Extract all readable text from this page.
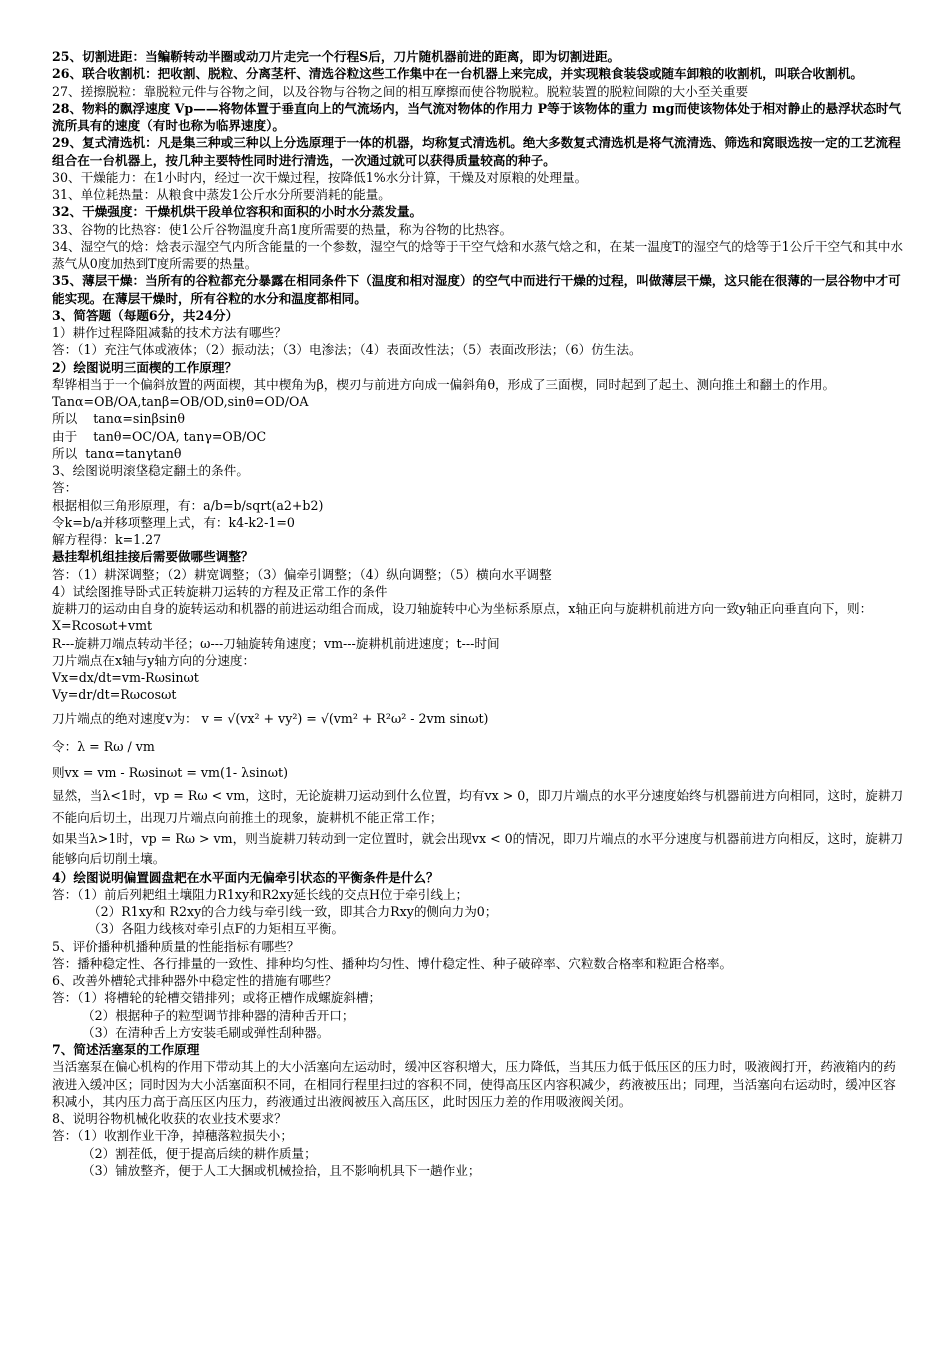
25、切割进距：当鳊鞒转动半圈或动刀片走完一个行程S后，刀片随机器前进的距离，即为切割进距。

26、联合收割机：把收割、脱粒、分离茎杆、清选谷粒这些工作集中在一台机器上来完成，并实现粮食装袋或随车卸粮的收割机，叫联合收割机。

27、搓擦脱粒：靠脱粒元件与谷物之间，以及谷物与谷物之间的相互摩擦而使谷物脱粒。脱粒装置的脱粒间隙的大小至关重要

28、物料的飘浮速度 Vp——将物体置于垂直向上的气流场内，当气流对物体的作用力 P等于该物体的重力 mg而使该物体处于相对静止的悬浮状态时气流所具有的速度（有时也称为临界速度）。

29、复式清选机：凡是集三种或三种以上分选原理于一体的机器，均称复式清选机。绝大多数复式清选机是将气流清选、筛选和窝眼选按一定的工艺流程组合在一台机器上，按几种主要特性同时进行清选，一次通过就可以获得质量较高的种子。

30、干燥能力：在1小时内，经过一次干燥过程，按降低1%水分计算，干燥及对原粮的处理量。

31、单位耗热量：从粮食中蒸发1公斤水分所要消耗的能量。

32、干燥强度：干燥机烘干段单位容积和面积的小时水分蒸发量。

33、谷物的比热容：使1公斤谷物温度升高1度所需要的热量，称为谷物的比热容。

34、湿空气的焓：焓表示湿空气内所含能量的一个参数，湿空气的焓等于干空气焓和水蒸气焓之和，在某一温度T的湿空气的焓等于1公斤干空气和其中水蒸气从0度加热到T度所需要的热量。

35、薄层干燥：当所有的谷粒都充分暴露在相同条件下（温度和相对湿度）的空气中而进行干燥的过程，叫做薄层干燥，这只能在很薄的一层谷物中才可能实现。在薄层干燥时，所有谷粒的水分和温度都相同。

3、简答题（每题6分，共24分）

1）耕作过程降阻减黏的技术方法有哪些？

答：（1）充注气体或液体；（2）振动法；（3）电渗法；（4）表面改性法；（5）表面改形法；（6）仿生法。

2）绘图说明三面楔的工作原理？

犁铧相当于一个偏斜放置的两面楔，其中楔角为β，楔刃与前进方向成一偏斜角θ，形成了三面楔，同时起到了起土、测向推土和翻土的作用。

Tanα=OB/OA,tanβ=OB/OD,sinθ=OD/OA

所以    tanα=sinβsinθ

由于    tanθ=OC/OA, tanγ=OB/OC

所以  tanα=tanγtanθ

3、绘图说明滚垡稳定翻土的条件。

答：

根据相似三角形原理，有：a/b=b/sqrt(a2+b2)

令k=b/a并移项整理上式，有：k4-k2-1=0

解方程得：k=1.27

悬挂犁机组挂接后需要做哪些调整？

答：（1）耕深调整；（2）耕宽调整；（3）偏牵引调整；（4）纵向调整；（5）横向水平调整

4）试绘图推导卧式正转旋耕刀运转的方程及正常工作的条件

旋耕刀的运动由自身的旋转运动和机器的前进运动组合而成，设刀轴旋转中心为坐标系原点，x轴正向与旋耕机前进方向一致y轴正向垂直向下，则：

X=Rcosωt+vmt

R---旋耕刀端点转动半径；ω---刀轴旋转角速度；vm---旋耕机前进速度；t---时间

刀片端点在x轴与y轴方向的分速度：

Vx=dx/dt=vm-Rωsinωt

Vy=dr/dt=Rωcosωt

刀片端点的绝对速度v为： v = √(vx² + vy²) = √(vm² + R²ω² - 2vm sinωt)

令：λ = Rω / vm

则vx = vm - Rωsinωt = vm(1- λsinωt)

显然，当λ<1时，vp = Rω < vm，这时，无论旋耕刀运动到什么位置，均有vx > 0，即刀片端点的水平分速度始终与机器前进方向相同，这时，旋耕刀不能向后切土，出现刀片端点向前推土的现象，旋耕机不能正常工作；

如果当λ>1时，vp = Rω > vm，则当旋耕刀转动到一定位置时，就会出现vx < 0的情况，即刀片端点的水平分速度与机器前进方向相反，这时，旋耕刀能够向后切削土壤。

4）绘图说明偏置圆盘耙在水平面内无偏牵引状态的平衡条件是什么？

答：（1）前后列耙组土壤阻力R1xy和R2xy延长线的交点H位于牵引线上；

（2）R1xy和 R2xy的合力线与牵引线一致，即其合力Rxy的侧向力为0；

（3）各阻力线核对牵引点F的力矩相互平衡。

5、评价播种机播种质量的性能指标有哪些？

答：播种稳定性、各行排量的一致性、排种均匀性、播种均匀性、博什稳定性、种子破碎率、穴粒数合格率和粒距合格率。

6、改善外槽轮式排种器外中稳定性的措施有哪些？

答：（1）将槽轮的轮槽交错排列；或将正槽作成螺旋斜槽；

（2）根据种子的粒型调节排种器的清种舌开口；

（3）在清种舌上方安装毛刷或弹性刮种器。

7、简述活塞泵的工作原理

当活塞泵在偏心机构的作用下带动其上的大小活塞向左运动时，缓冲区容积增大，压力降低，当其压力低于低压区的压力时，吸液阀打开，药液箱内的药液进入缓冲区；同时因为大小活塞面积不同，在相同行程里扫过的容积不同，使得高压区内容积减少，药液被压出；同理，当活塞向右运动时，缓冲区容积减小，其内压力高于高压区内压力，药液通过出液阀被压入高压区，此时因压力差的作用吸液阀关闭。

8、说明谷物机械化收获的农业技术要求？

答：（1）收割作业干净，掉穗落粒损失小；

（2）割茬低，便于提高后续的耕作质量；

（3）铺放整齐，便于人工大捆或机械捡拾，且不影响机具下一趟作业；
